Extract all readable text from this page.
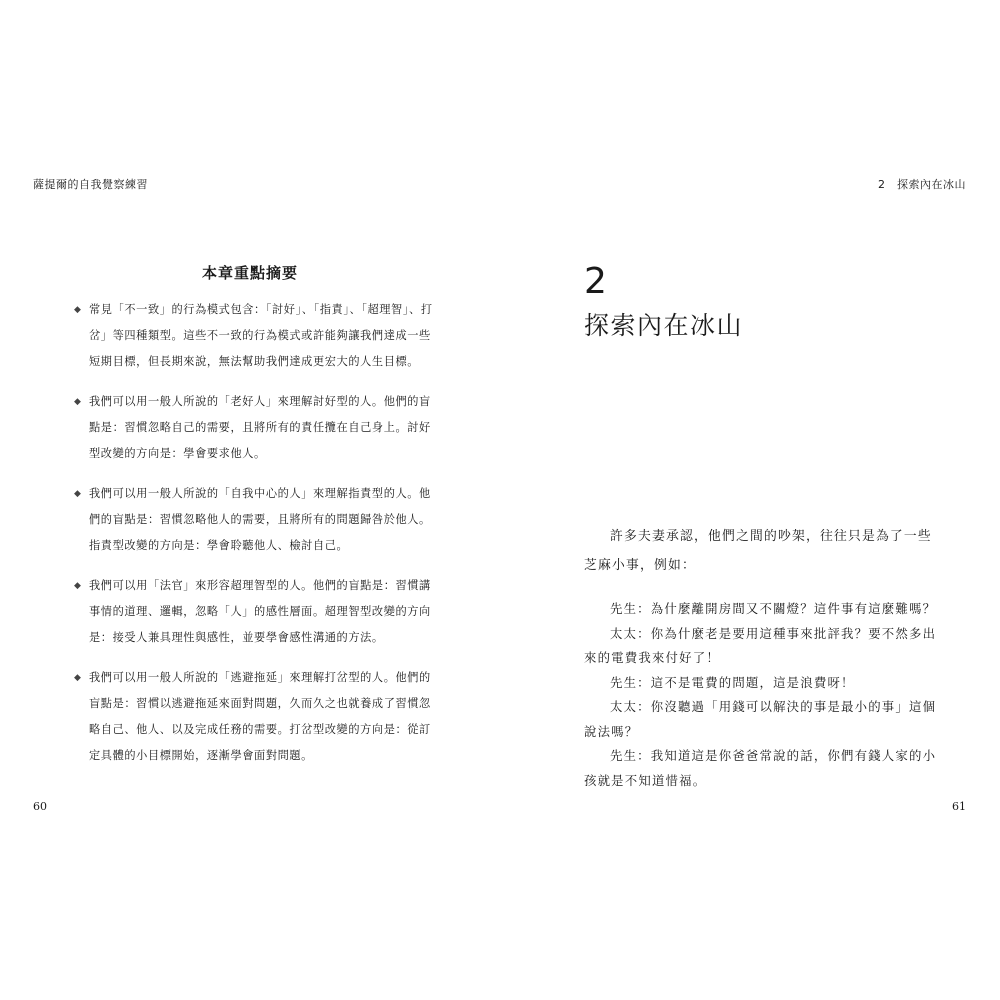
薩提爾的自我覺察練習
本章重點摘要
◆ 常見「不一致」的行為模式包含：「討好」、「指責」、「超理智」、打岔」等四種類型。這些不一致的行為模式或許能夠讓我們達成一些短期目標，但長期來說，無法幫助我們達成更宏大的人生目標。
◆ 我們可以用一般人所說的「老好人」來理解討好型的人。他們的盲點是：習慣忽略自己的需要，且將所有的責任攬在自己身上。討好型改變的方向是：學會要求他人。
◆ 我們可以用一般人所說的「自我中心的人」來理解指責型的人。他們的盲點是：習慣忽略他人的需要，且將所有的問題歸咎於他人。指責型改變的方向是：學會聆聽他人、檢討自己。
◆ 我們可以用「法官」來形容超理智型的人。他們的盲點是：習慣講事情的道理、邏輯，忽略「人」的感性層面。超理智型改變的方向是：接受人兼具理性與感性，並要學會感性溝通的方法。
◆ 我們可以用一般人所說的「逃避拖延」來理解打岔型的人。他們的盲點是：習慣以逃避拖延來面對問題，久而久之也就養成了習慣忽略自己、他人、以及完成任務的需要。打岔型改變的方向是：從訂定具體的小目標開始，逐漸學會面對問題。
60
2　探索內在冰山
2
探索內在冰山

許多夫妻承認，他們之間的吵架，往往只是為了一些芝麻小事，例如：

先生：為什麼離開房間又不關燈？這件事有這麼難嗎？

太太：你為什麼老是要用這種事來批評我？要不然多出來的電費我來付好了！

先生：這不是電費的問題，這是浪費呀！

太太：你沒聽過「用錢可以解決的事是最小的事」這個說法嗎？

先生：我知道這是你爸爸常說的話，你們有錢人家的小孩就是不知道惜福。

61
